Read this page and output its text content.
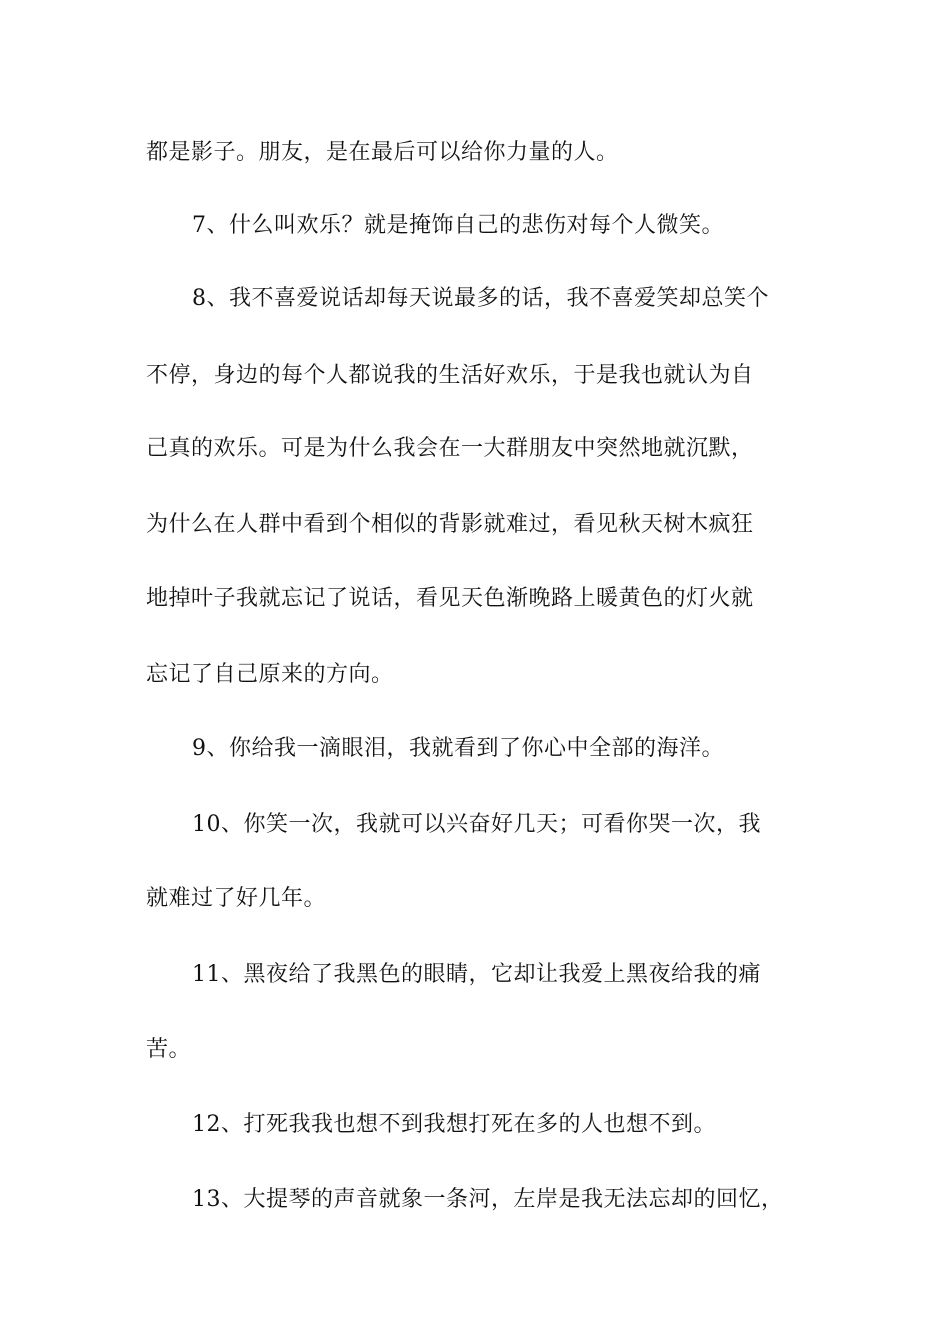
都是影子。朋友，是在最后可以给你力量的人。
7、什么叫欢乐？就是掩饰自己的悲伤对每个人微笑。
8、我不喜爱说话却每天说最多的话，我不喜爱笑却总笑个
不停，身边的每个人都说我的生活好欢乐，于是我也就认为自
己真的欢乐。可是为什么我会在一大群朋友中突然地就沉默，
为什么在人群中看到个相似的背影就难过，看见秋天树木疯狂
地掉叶子我就忘记了说话，看见天色渐晚路上暖黄色的灯火就
忘记了自己原来的方向。
9、你给我一滴眼泪，我就看到了你心中全部的海洋。
10、你笑一次，我就可以兴奋好几天；可看你哭一次，我
就难过了好几年。
11、黑夜给了我黑色的眼睛，它却让我爱上黑夜给我的痛
苦。
12、打死我我也想不到我想打死在多的人也想不到。
13、大提琴的声音就象一条河，左岸是我无法忘却的回忆，
